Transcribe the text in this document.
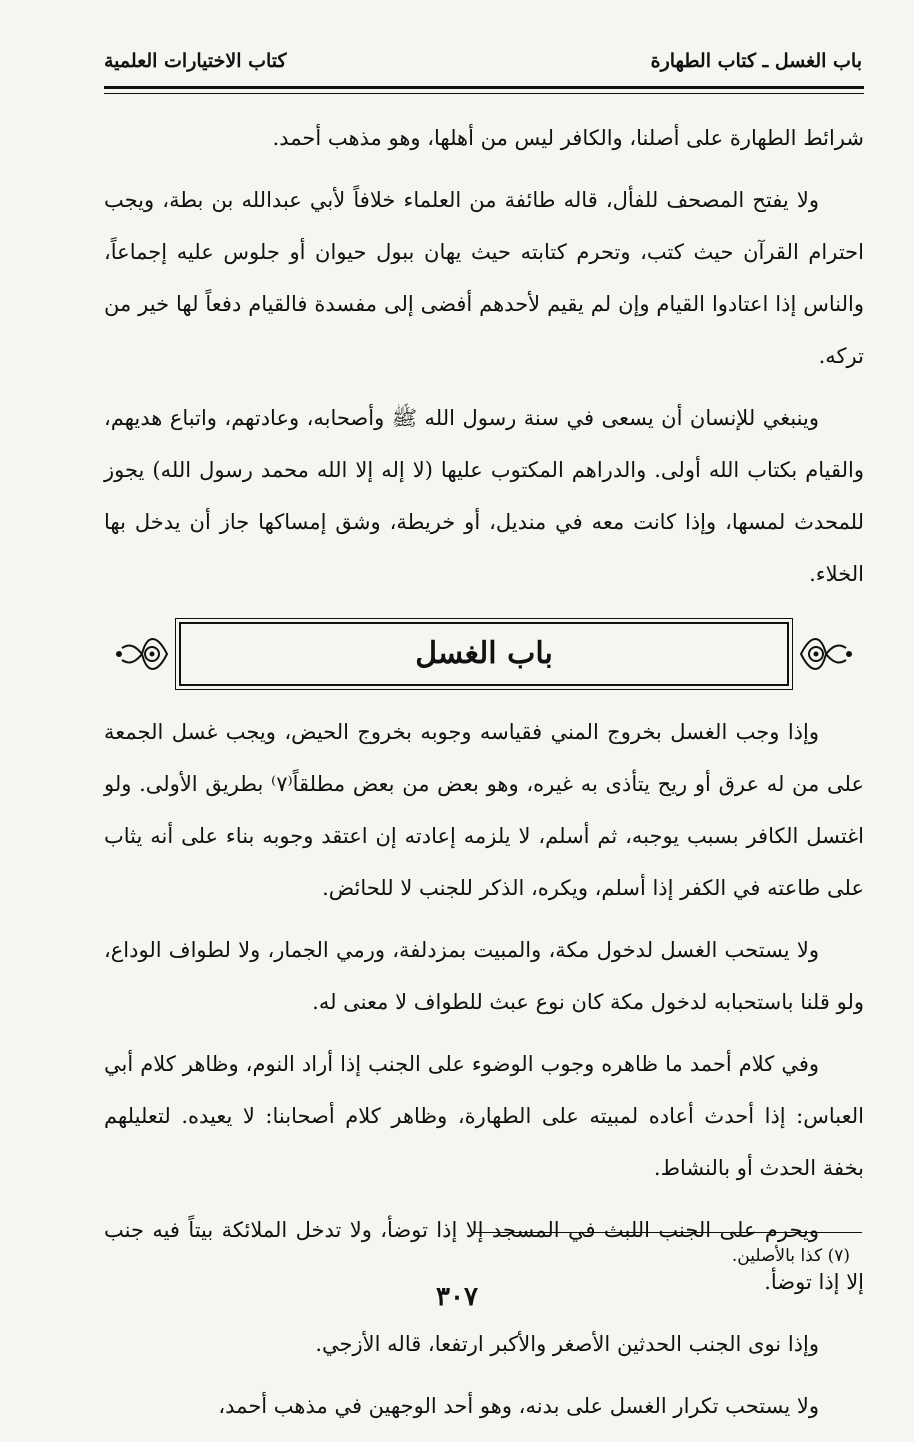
باب الغسل ـ كتاب الطهارة
كتاب الاختيارات العلمية

شرائط الطهارة على أصلنا، والكافر ليس من أهلها، وهو مذهب أحمد.

ولا يفتح المصحف للفأل، قاله طائفة من العلماء خلافاً لأبي عبدالله بن بطة، ويجب احترام القرآن حيث كتب، وتحرم كتابته حيث يهان ببول حيوان أو جلوس عليه إجماعاً، والناس إذا اعتادوا القيام وإن لم يقيم لأحدهم أفضى إلى مفسدة فالقيام دفعاً لها خير من تركه.

وينبغي للإنسان أن يسعى في سنة رسول الله ﷺ وأصحابه، وعادتهم، واتباع هديهم، والقيام بكتاب الله أولى. والدراهم المكتوب عليها (لا إله إلا الله محمد رسول الله) يجوز للمحدث لمسها، وإذا كانت معه في منديل، أو خريطة، وشق إمساكها جاز أن يدخل بها الخلاء.

باب الغسل

وإذا وجب الغسل بخروج المني فقياسه وجوبه بخروج الحيض، ويجب غسل الجمعة على من له عرق أو ريح يتأذى به غيره، وهو بعض من بعض مطلقاً⁽٧⁾ بطريق الأولى. ولو اغتسل الكافر بسبب يوجبه، ثم أسلم، لا يلزمه إعادته إن اعتقد وجوبه بناء على أنه يثاب على طاعته في الكفر إذا أسلم، ويكره، الذكر للجنب لا للحائض.

ولا يستحب الغسل لدخول مكة، والمبيت بمزدلفة، ورمي الجمار، ولا لطواف الوداع، ولو قلنا باستحبابه لدخول مكة كان نوع عبث للطواف لا معنى له.

وفي كلام أحمد ما ظاهره وجوب الوضوء على الجنب إذا أراد النوم، وظاهر كلام أبي العباس: إذا أحدث أعاده لمبيته على الطهارة، وظاهر كلام أصحابنا: لا يعيده. لتعليلهم بخفة الحدث أو بالنشاط.

ويحرم على الجنب اللبث في المسجد إلا إذا توضأ، ولا تدخل الملائكة بيتاً فيه جنب إلا إذا توضأ.

وإذا نوى الجنب الحدثين الأصغر والأكبر ارتفعا، قاله الأزجي.

ولا يستحب تكرار الغسل على بدنه، وهو أحد الوجهين في مذهب أحمد،

(٧) كذا بالأصلين.
٣٠٧
